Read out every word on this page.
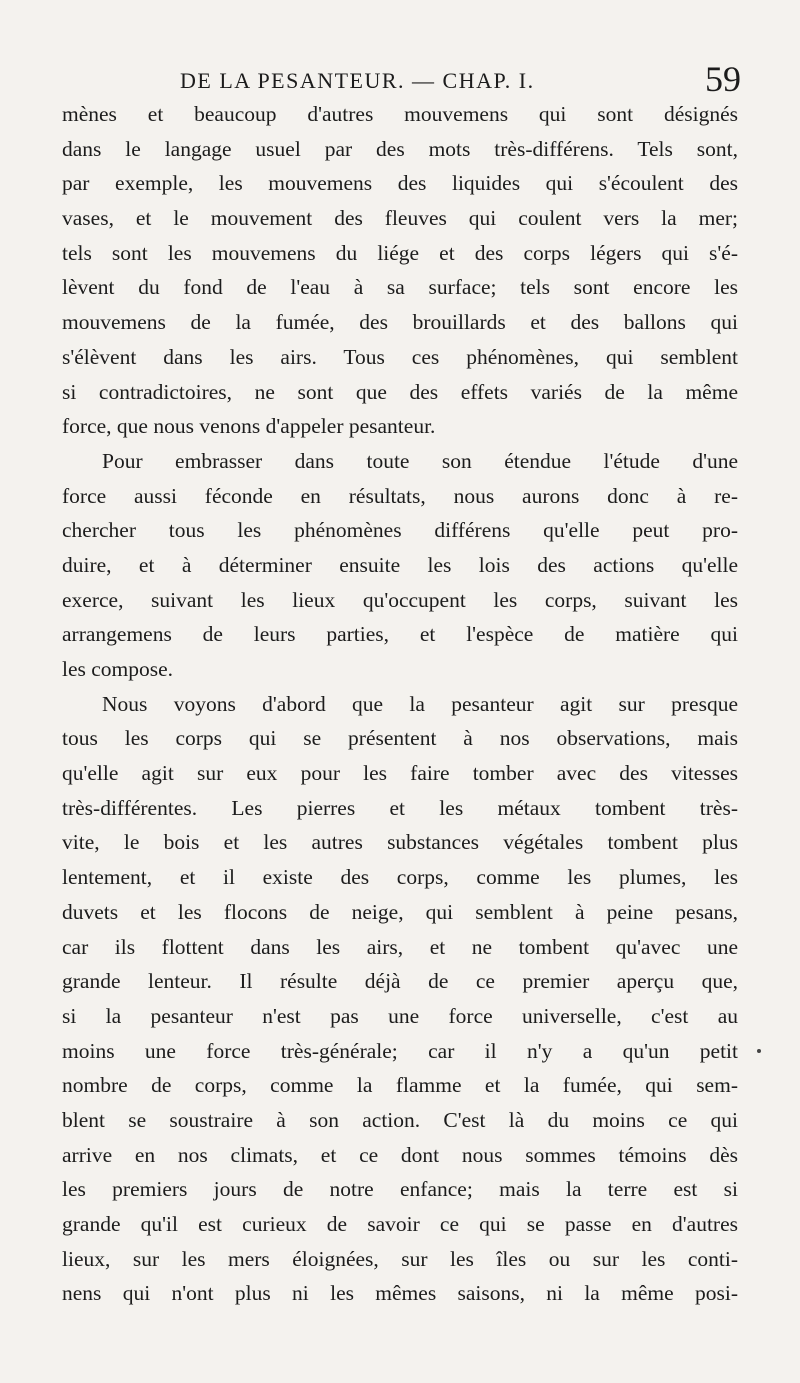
DE LA PESANTEUR. — CHAP. I.	59
mènes et beaucoup d'autres mouvemens qui sont désignés
dans le langage usuel par des mots très-différens. Tels sont,
par exemple, les mouvemens des liquides qui s'écoulent des
vases, et le mouvement des fleuves qui coulent vers la mer;
tels sont les mouvemens du liége et des corps légers qui s'é-
lèvent du fond de l'eau à sa surface; tels sont encore les
mouvemens de la fumée, des brouillards et des ballons qui
s'élèvent dans les airs. Tous ces phénomènes, qui semblent
si contradictoires, ne sont que des effets variés de la même
force, que nous venons d'appeler pesanteur.
Pour embrasser dans toute son étendue l'étude d'une
force aussi féconde en résultats, nous aurons donc à re-
chercher tous les phénomènes différens qu'elle peut pro-
duire, et à déterminer ensuite les lois des actions qu'elle
exerce, suivant les lieux qu'occupent les corps, suivant les
arrangemens de leurs parties, et l'espèce de matière qui
les compose.
Nous voyons d'abord que la pesanteur agit sur presque
tous les corps qui se présentent à nos observations, mais
qu'elle agit sur eux pour les faire tomber avec des vitesses
très-différentes. Les pierres et les métaux tombent très-
vite, le bois et les autres substances végétales tombent plus
lentement, et il existe des corps, comme les plumes, les
duvets et les flocons de neige, qui semblent à peine pesans,
car ils flottent dans les airs, et ne tombent qu'avec une
grande lenteur. Il résulte déjà de ce premier aperçu que,
si la pesanteur n'est pas une force universelle, c'est au
moins une force très-générale; car il n'y a qu'un petit
nombre de corps, comme la flamme et la fumée, qui sem-
blent se soustraire à son action. C'est là du moins ce qui
arrive en nos climats, et ce dont nous sommes témoins dès
les premiers jours de notre enfance; mais la terre est si
grande qu'il est curieux de savoir ce qui se passe en d'autres
lieux, sur les mers éloignées, sur les îles ou sur les conti-
nens qui n'ont plus ni les mêmes saisons, ni la même posi-
